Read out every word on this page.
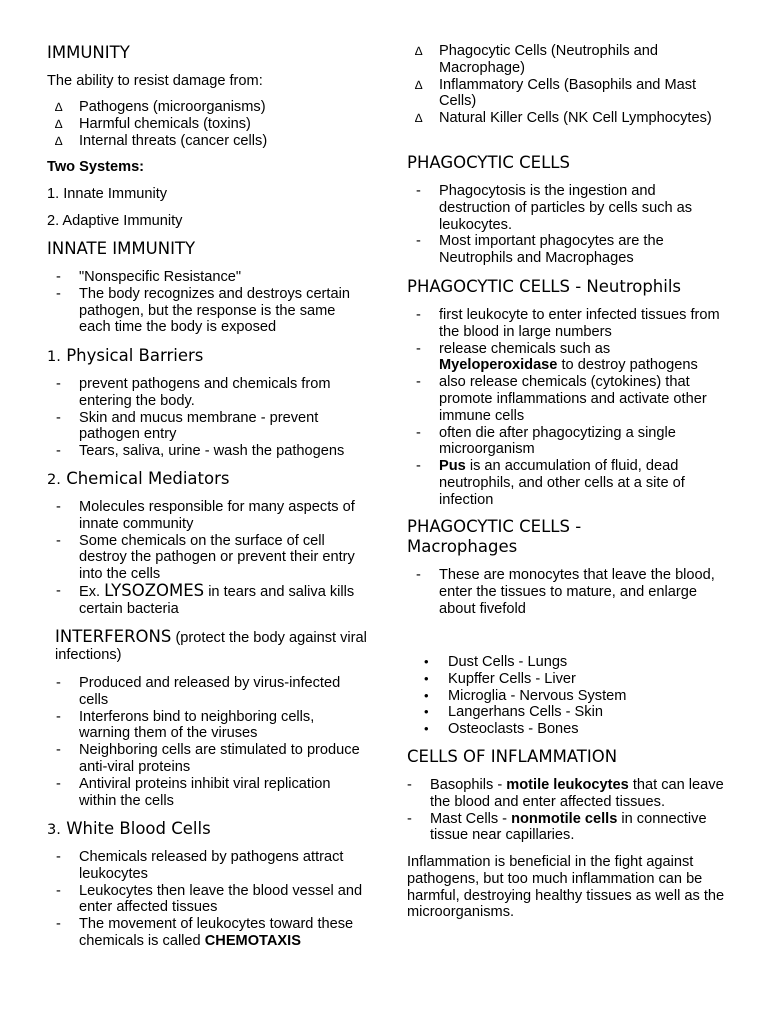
IMMUNITY

The ability to resist damage from:

∆ Pathogens (microorganisms)
∆ Harmful chemicals (toxins)
∆ Internal threats (cancer cells)

Two Systems:

1. Innate Immunity

2. Adaptive Immunity

INNATE IMMUNITY
- "Nonspecific Resistance"
- The body recognizes and destroys certain pathogen, but the response is the same each time the body is exposed
1. Physical Barriers
- prevent pathogens and chemicals from entering the body.
- Skin and mucus membrane - prevent pathogen entry
- Tears, saliva, urine - wash the pathogens
2. Chemical Mediators
- Molecules responsible for many aspects of innate community
- Some chemicals on the surface of cell destroy the pathogen or prevent their entry into the cells
- Ex. LYSOZOMES in tears and saliva kills certain bacteria

INTERFERONS (protect the body against viral infections)

- Produced and released by virus-infected cells
- Interferons bind to neighboring cells, warning them of the viruses
- Neighboring cells are stimulated to produce anti-viral proteins
- Antiviral proteins inhibit viral replication within the cells
3. White Blood Cells
- Chemicals released by pathogens attract leukocytes
- Leukocytes then leave the blood vessel and enter affected tissues
- The movement of leukocytes toward these chemicals is called CHEMOTAXIS
∆ Phagocytic Cells (Neutrophils and Macrophage)
∆ Inflammatory Cells (Basophils and Mast Cells)
∆ Natural Killer Cells (NK Cell Lymphocytes)
PHAGOCYTIC CELLS
- Phagocytosis is the ingestion and destruction of particles by cells such as leukocytes.
- Most important phagocytes are the Neutrophils and Macrophages
PHAGOCYTIC CELLS - Neutrophils
- first leukocyte to enter infected tissues from the blood in large numbers
- release chemicals such as Myeloperoxidase to destroy pathogens
- also release chemicals (cytokines) that promote inflammations and activate other immune cells
- often die after phagocytizing a single microorganism
- Pus is an accumulation of fluid, dead neutrophils, and other cells at a site of infection
PHAGOCYTIC CELLS -
Macrophages
- These are monocytes that leave the blood, enter the tissues to mature, and enlarge about fivefold
• Dust Cells - Lungs
• Kupffer Cells - Liver
• Microglia - Nervous System
• Langerhans Cells - Skin
• Osteoclasts - Bones
CELLS OF INFLAMMATION
- Basophils - motile leukocytes that can leave the blood and enter affected tissues.
- Mast Cells - nonmotile cells in connective tissue near capillaries.

Inflammation is beneficial in the fight against pathogens, but too much inflammation can be harmful, destroying healthy tissues as well as the microorganisms.
